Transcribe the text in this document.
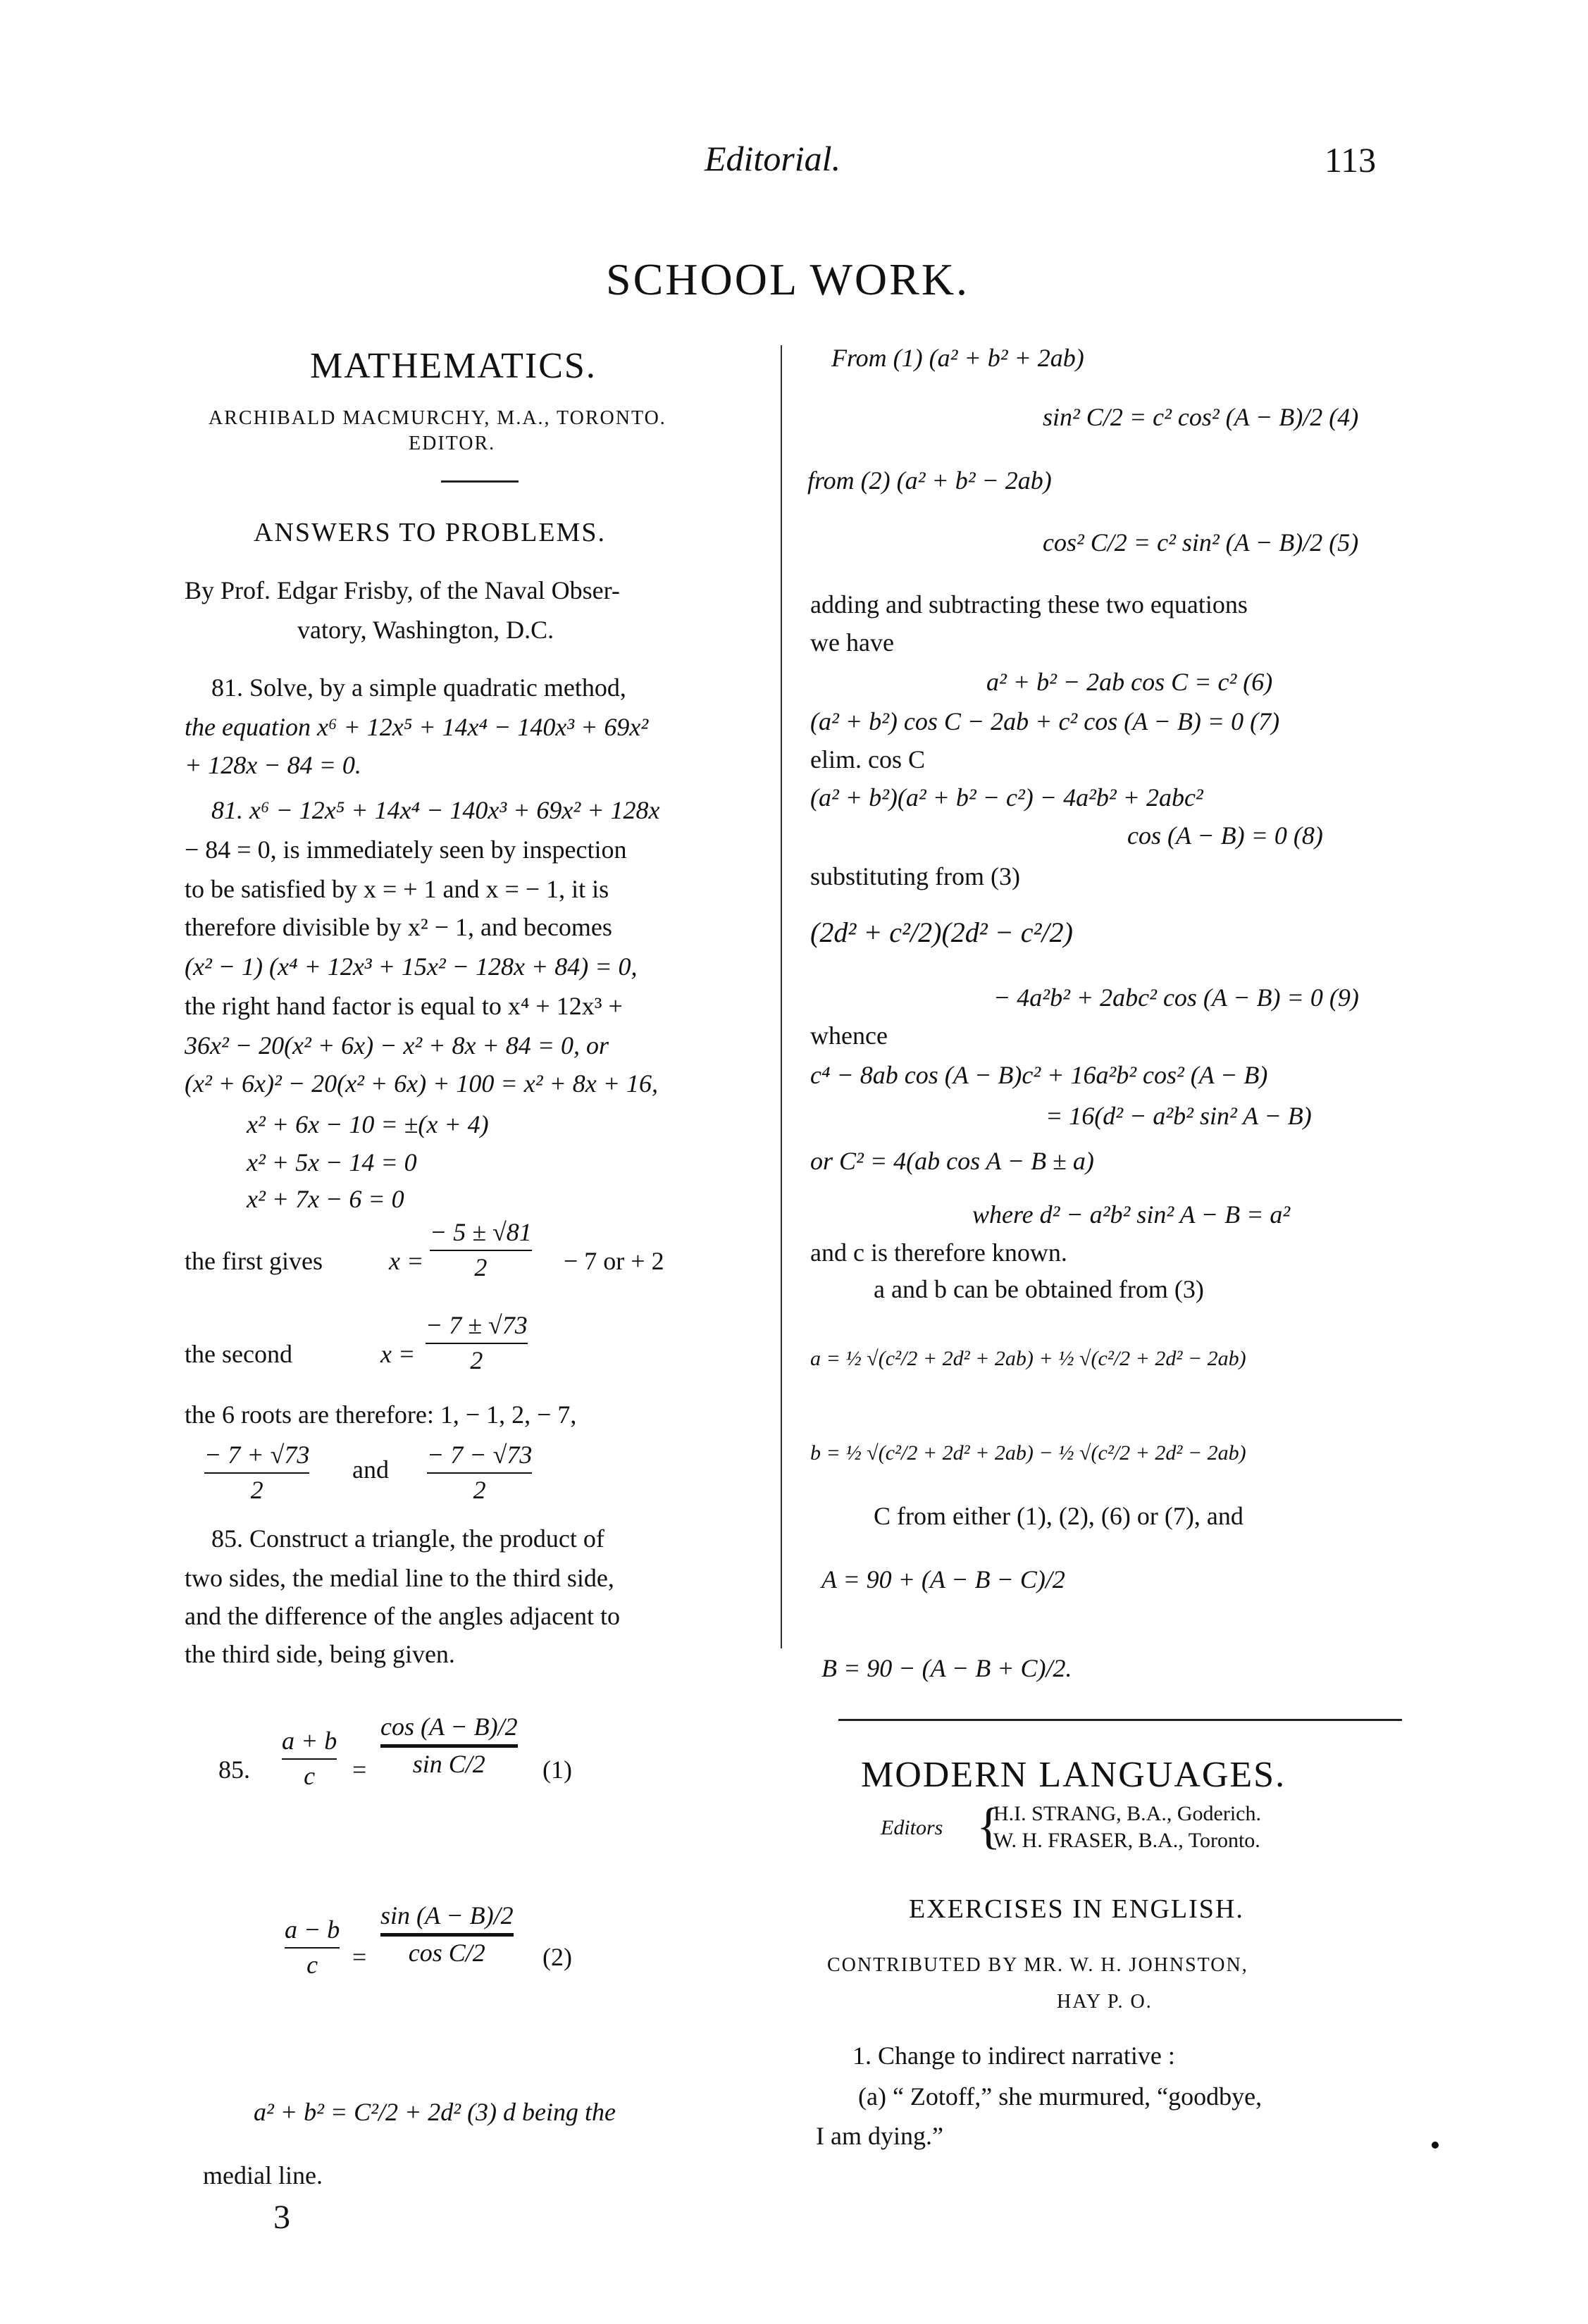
Editorial.	113
SCHOOL WORK.
MATHEMATICS.
ARCHIBALD MACMURCHY, M.A., TORONTO.
EDITOR.
ANSWERS TO PROBLEMS.
By Prof. Edgar Frisby, of the Naval Obser-
vatory, Washington, D.C.
81. Solve, by a simple quadratic method,
the equation x⁶ + 12x⁵ + 14x⁴ − 140x³ + 69x²
+ 128x − 84 = 0.
81. x⁶ − 12x⁵ + 14x⁴ − 140x³ + 69x² + 128x
− 84 = 0, is immediately seen by inspection
to be satisfied by x = + 1 and x = − 1, it is
therefore divisible by x² − 1, and becomes
(x² − 1) (x⁴ + 12x³ + 15x² − 128x + 84) = 0,
the right hand factor is equal to x⁴ + 12x³ +
36x² − 20(x² + 6x) − x² + 8x + 84 = 0, or
(x² + 6x)² − 20(x² + 6x) + 100 = x² + 8x + 16,
x² + 6x − 10 = ±(x + 4)
x² + 5x − 14 = 0
x² + 7x − 6 = 0
the first gives	x =
− 5 ± √81
2	− 7 or + 2
the second	x =
− 7 ± √73
2
the 6 roots are therefore: 1, − 1, 2, − 7,
− 7 + √73
2
and
− 7 − √73
2
85. Construct a triangle, the product of
two sides, the medial line to the third side,
and the difference of the angles adjacent to
the third side, being given.
85.
a + b
c =
cos (A − B)/2
sin C/2 (1)
a − b
c =
sin (A − B)/2
cos C/2 (2)
a² + b² = C²/2 + 2d² (3) d being the
medial line.
3
From (1) (a² + b² + 2ab)
sin² C/2 = c² cos² (A − B)/2 (4)
from (2) (a² + b² − 2ab)
cos² C/2 = c² sin² (A − B)/2 (5)
adding and subtracting these two equations
we have
a² + b² − 2ab cos C = c² (6)
(a² + b²) cos C − 2ab + c² cos (A − B) = 0 (7)
elim. cos C
(a² + b²)(a² + b² − c²) − 4a²b² + 2abc²
cos (A − B) = 0 (8)
substituting from (3)
(2d² + c²/2)(2d² − c²/2)
− 4a²b² + 2abc² cos (A − B) = 0 (9)
whence
c⁴ − 8ab cos (A − B)c² + 16a²b² cos² (A − B)
= 16(d² − a²b² sin² A − B)
or C² = 4(ab cos A − B ± a)
where d² − a²b² sin² A − B = a²
and c is therefore known.
a and b can be obtained from (3)
a = ½ √(c²/2 + 2d² + 2ab) + ½ √(c²/2 + 2d² − 2ab)
b = ½ √(c²/2 + 2d² + 2ab) − ½ √(c²/2 + 2d² − 2ab)
C from either (1), (2), (6) or (7), and
A = 90 + (A − B − C)/2
B = 90 − (A − B + C)/2.
MODERN LANGUAGES.
Editors {
H.I. STRANG, B.A., Goderich.
W. H. FRASER, B.A., Toronto.
EXERCISES IN ENGLISH.
CONTRIBUTED BY MR. W. H. JOHNSTON,
HAY P. O.
1. Change to indirect narrative :
(a) “ Zotoff,” she murmured, “goodbye,
I am dying.”
